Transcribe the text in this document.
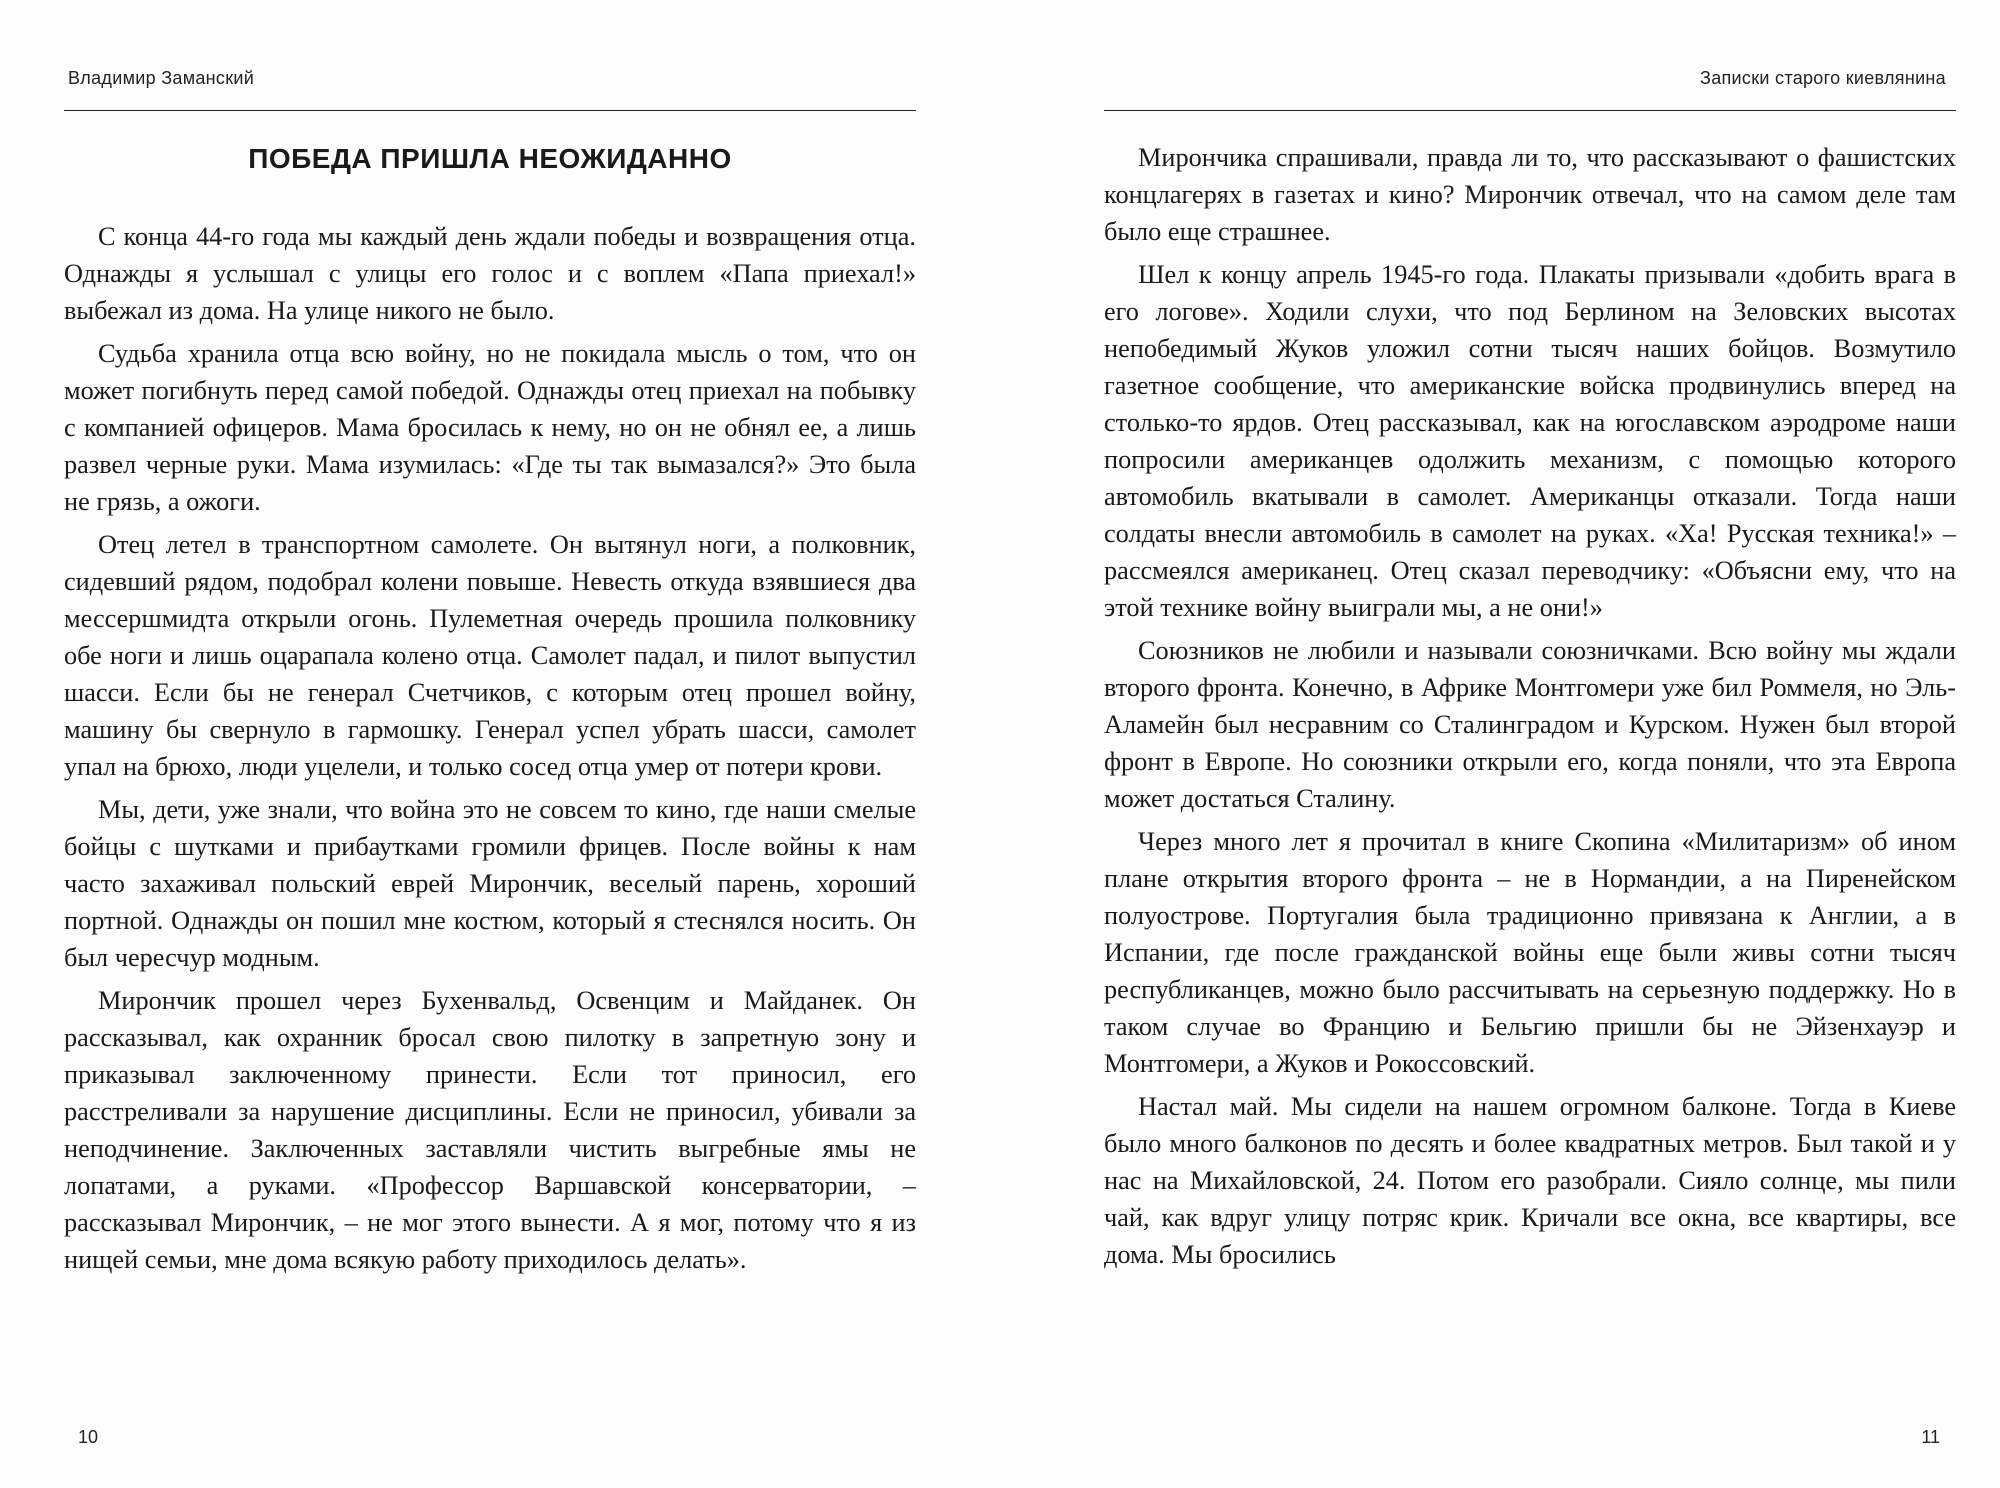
Владимир Заманский
ПОБЕДА ПРИШЛА НЕОЖИДАННО

С конца 44-го года мы каждый день ждали победы и возвращения отца. Однажды я услышал с улицы его голос и с воплем «Папа приехал!» выбежал из дома. На улице никого не было.

Судьба хранила отца всю войну, но не покидала мысль о том, что он может погибнуть перед самой победой. Однажды отец приехал на побывку с компанией офицеров. Мама бросилась к нему, но он не обнял ее, а лишь развел черные руки. Мама изумилась: «Где ты так вымазался?» Это была не грязь, а ожоги.

Отец летел в транспортном самолете. Он вытянул ноги, а полковник, сидевший рядом, подобрал колени повыше. Невесть откуда взявшиеся два мессершмидта открыли огонь. Пулеметная очередь прошила полковнику обе ноги и лишь оцарапала колено отца. Самолет падал, и пилот выпустил шасси. Если бы не генерал Счетчиков, с которым отец прошел войну, машину бы свернуло в гармошку. Генерал успел убрать шасси, самолет упал на брюхо, люди уцелели, и только сосед отца умер от потери крови.

Мы, дети, уже знали, что война это не совсем то кино, где наши смелые бойцы с шутками и прибаутками громили фрицев. После войны к нам часто захаживал польский еврей Мирончик, веселый парень, хороший портной. Однажды он пошил мне костюм, который я стеснялся носить. Он был чересчур модным.

Мирончик прошел через Бухенвальд, Освенцим и Майданек. Он рассказывал, как охранник бросал свою пилотку в запретную зону и приказывал заключенному принести. Если тот приносил, его расстреливали за нарушение дисциплины. Если не приносил, убивали за неподчинение. Заключенных заставляли чистить выгребные ямы не лопатами, а руками. «Профессор Варшавской консерватории, – рассказывал Мирончик, – не мог этого вынести. А я мог, потому что я из нищей семьи, мне дома всякую работу приходилось делать».

10
Записки старого киевлянина

Мирончика спрашивали, правда ли то, что рассказывают о фашистских концлагерях в газетах и кино? Мирончик отвечал, что на самом деле там было еще страшнее.

Шел к концу апрель 1945-го года. Плакаты призывали «добить врага в его логове». Ходили слухи, что под Берлином на Зеловских высотах непобедимый Жуков уложил сотни тысяч наших бойцов. Возмутило газетное сообщение, что американские войска продвинулись вперед на столько-то ярдов. Отец рассказывал, как на югославском аэродроме наши попросили американцев одолжить механизм, с помощью которого автомобиль вкатывали в самолет. Американцы отказали. Тогда наши солдаты внесли автомобиль в самолет на руках. «Ха! Русская техника!» – рассмеялся американец. Отец сказал переводчику: «Объясни ему, что на этой технике войну выиграли мы, а не они!»

Союзников не любили и называли союзничками. Всю войну мы ждали второго фронта. Конечно, в Африке Монтгомери уже бил Роммеля, но Эль-Аламейн был несравним со Сталинградом и Курском. Нужен был второй фронт в Европе. Но союзники открыли его, когда поняли, что эта Европа может достаться Сталину.

Через много лет я прочитал в книге Скопина «Милитаризм» об ином плане открытия второго фронта – не в Нормандии, а на Пиренейском полуострове. Португалия была традиционно привязана к Англии, а в Испании, где после гражданской войны еще были живы сотни тысяч республиканцев, можно было рассчитывать на серьезную поддержку. Но в таком случае во Францию и Бельгию пришли бы не Эйзенхауэр и Монтгомери, а Жуков и Рокоссовский.

Настал май. Мы сидели на нашем огромном балконе. Тогда в Киеве было много балконов по десять и более квадратных метров. Был такой и у нас на Михайловской, 24. Потом его разобрали. Сияло солнце, мы пили чай, как вдруг улицу потряс крик. Кричали все окна, все квартиры, все дома. Мы бросились

11
